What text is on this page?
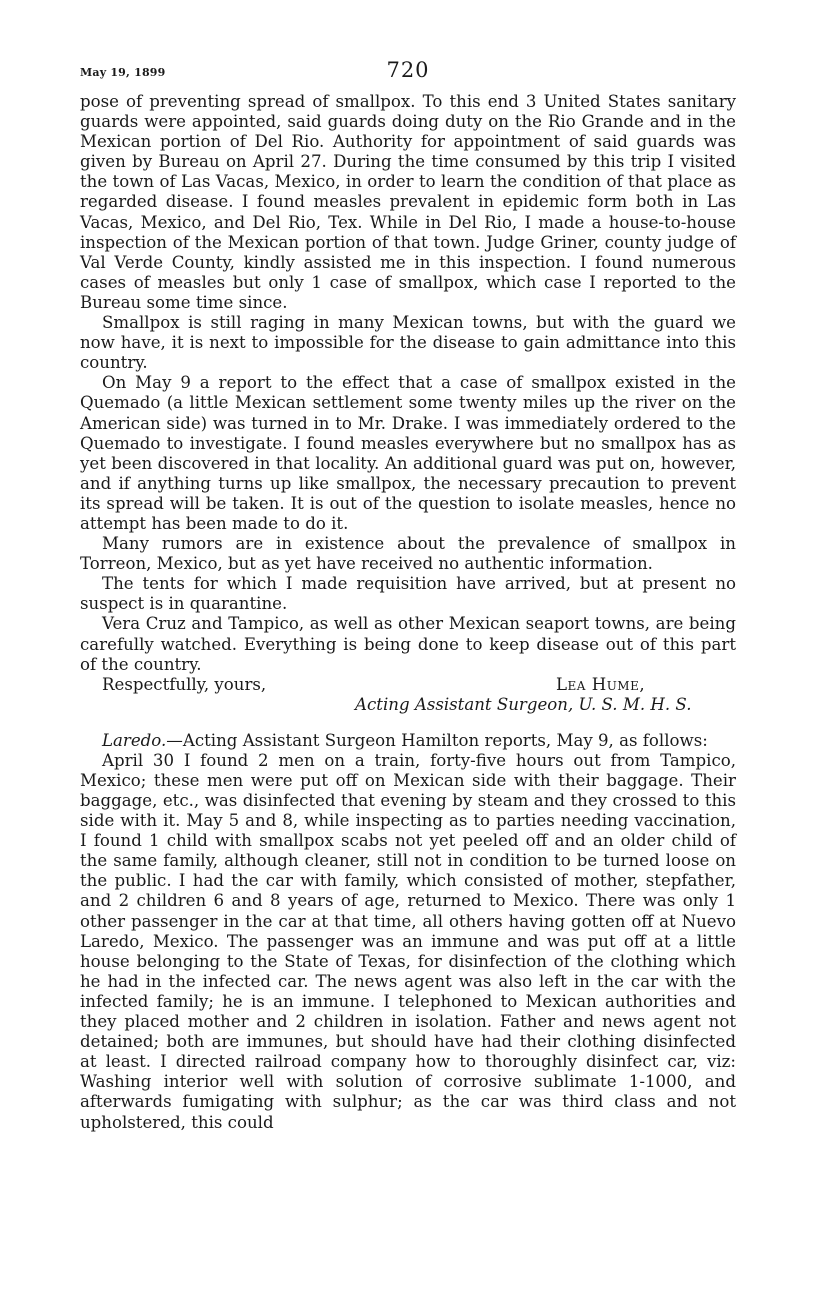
May 19, 1899	720

pose of preventing spread of smallpox. To this end 3 United States sanitary guards were appointed, said guards doing duty on the Rio Grande and in the Mexican portion of Del Rio. Authority for appointment of said guards was given by Bureau on April 27. During the time consumed by this trip I visited the town of Las Vacas, Mexico, in order to learn the condition of that place as regarded disease. I found measles prevalent in epidemic form both in Las Vacas, Mexico, and Del Rio, Tex. While in Del Rio, I made a house-to-house inspection of the Mexican portion of that town. Judge Griner, county judge of Val Verde County, kindly assisted me in this inspection. I found numerous cases of measles but only 1 case of smallpox, which case I reported to the Bureau some time since.

Smallpox is still raging in many Mexican towns, but with the guard we now have, it is next to impossible for the disease to gain admittance into this country.

On May 9 a report to the effect that a case of smallpox existed in the Quemado (a little Mexican settlement some twenty miles up the river on the American side) was turned in to Mr. Drake. I was immediately ordered to the Quemado to investigate. I found measles everywhere but no smallpox has as yet been discovered in that locality. An additional guard was put on, however, and if anything turns up like smallpox, the necessary precaution to prevent its spread will be taken. It is out of the question to isolate measles, hence no attempt has been made to do it.

Many rumors are in existence about the prevalence of smallpox in Torreon, Mexico, but as yet have received no authentic information.

The tents for which I made requisition have arrived, but at present no suspect is in quarantine.

Vera Cruz and Tampico, as well as other Mexican seaport towns, are being carefully watched. Everything is being done to keep disease out of this part of the country.

Respectfully, yours,	Lea Hume,
Acting Assistant Surgeon, U. S. M. H. S.

Laredo.—Acting Assistant Surgeon Hamilton reports, May 9, as follows:

April 30 I found 2 men on a train, forty-five hours out from Tampico, Mexico; these men were put off on Mexican side with their baggage. Their baggage, etc., was disinfected that evening by steam and they crossed to this side with it. May 5 and 8, while inspecting as to parties needing vaccination, I found 1 child with smallpox scabs not yet peeled off and an older child of the same family, although cleaner, still not in condition to be turned loose on the public. I had the car with family, which consisted of mother, stepfather, and 2 children 6 and 8 years of age, returned to Mexico. There was only 1 other passenger in the car at that time, all others having gotten off at Nuevo Laredo, Mexico. The passenger was an immune and was put off at a little house belonging to the State of Texas, for disinfection of the clothing which he had in the infected car. The news agent was also left in the car with the infected family; he is an immune. I telephoned to Mexican authorities and they placed mother and 2 children in isolation. Father and news agent not detained; both are immunes, but should have had their clothing disinfected at least. I directed railroad company how to thoroughly disinfect car, viz: Washing interior well with solution of corrosive sublimate 1-1000, and afterwards fumigating with sulphur; as the car was third class and not upholstered, this could
